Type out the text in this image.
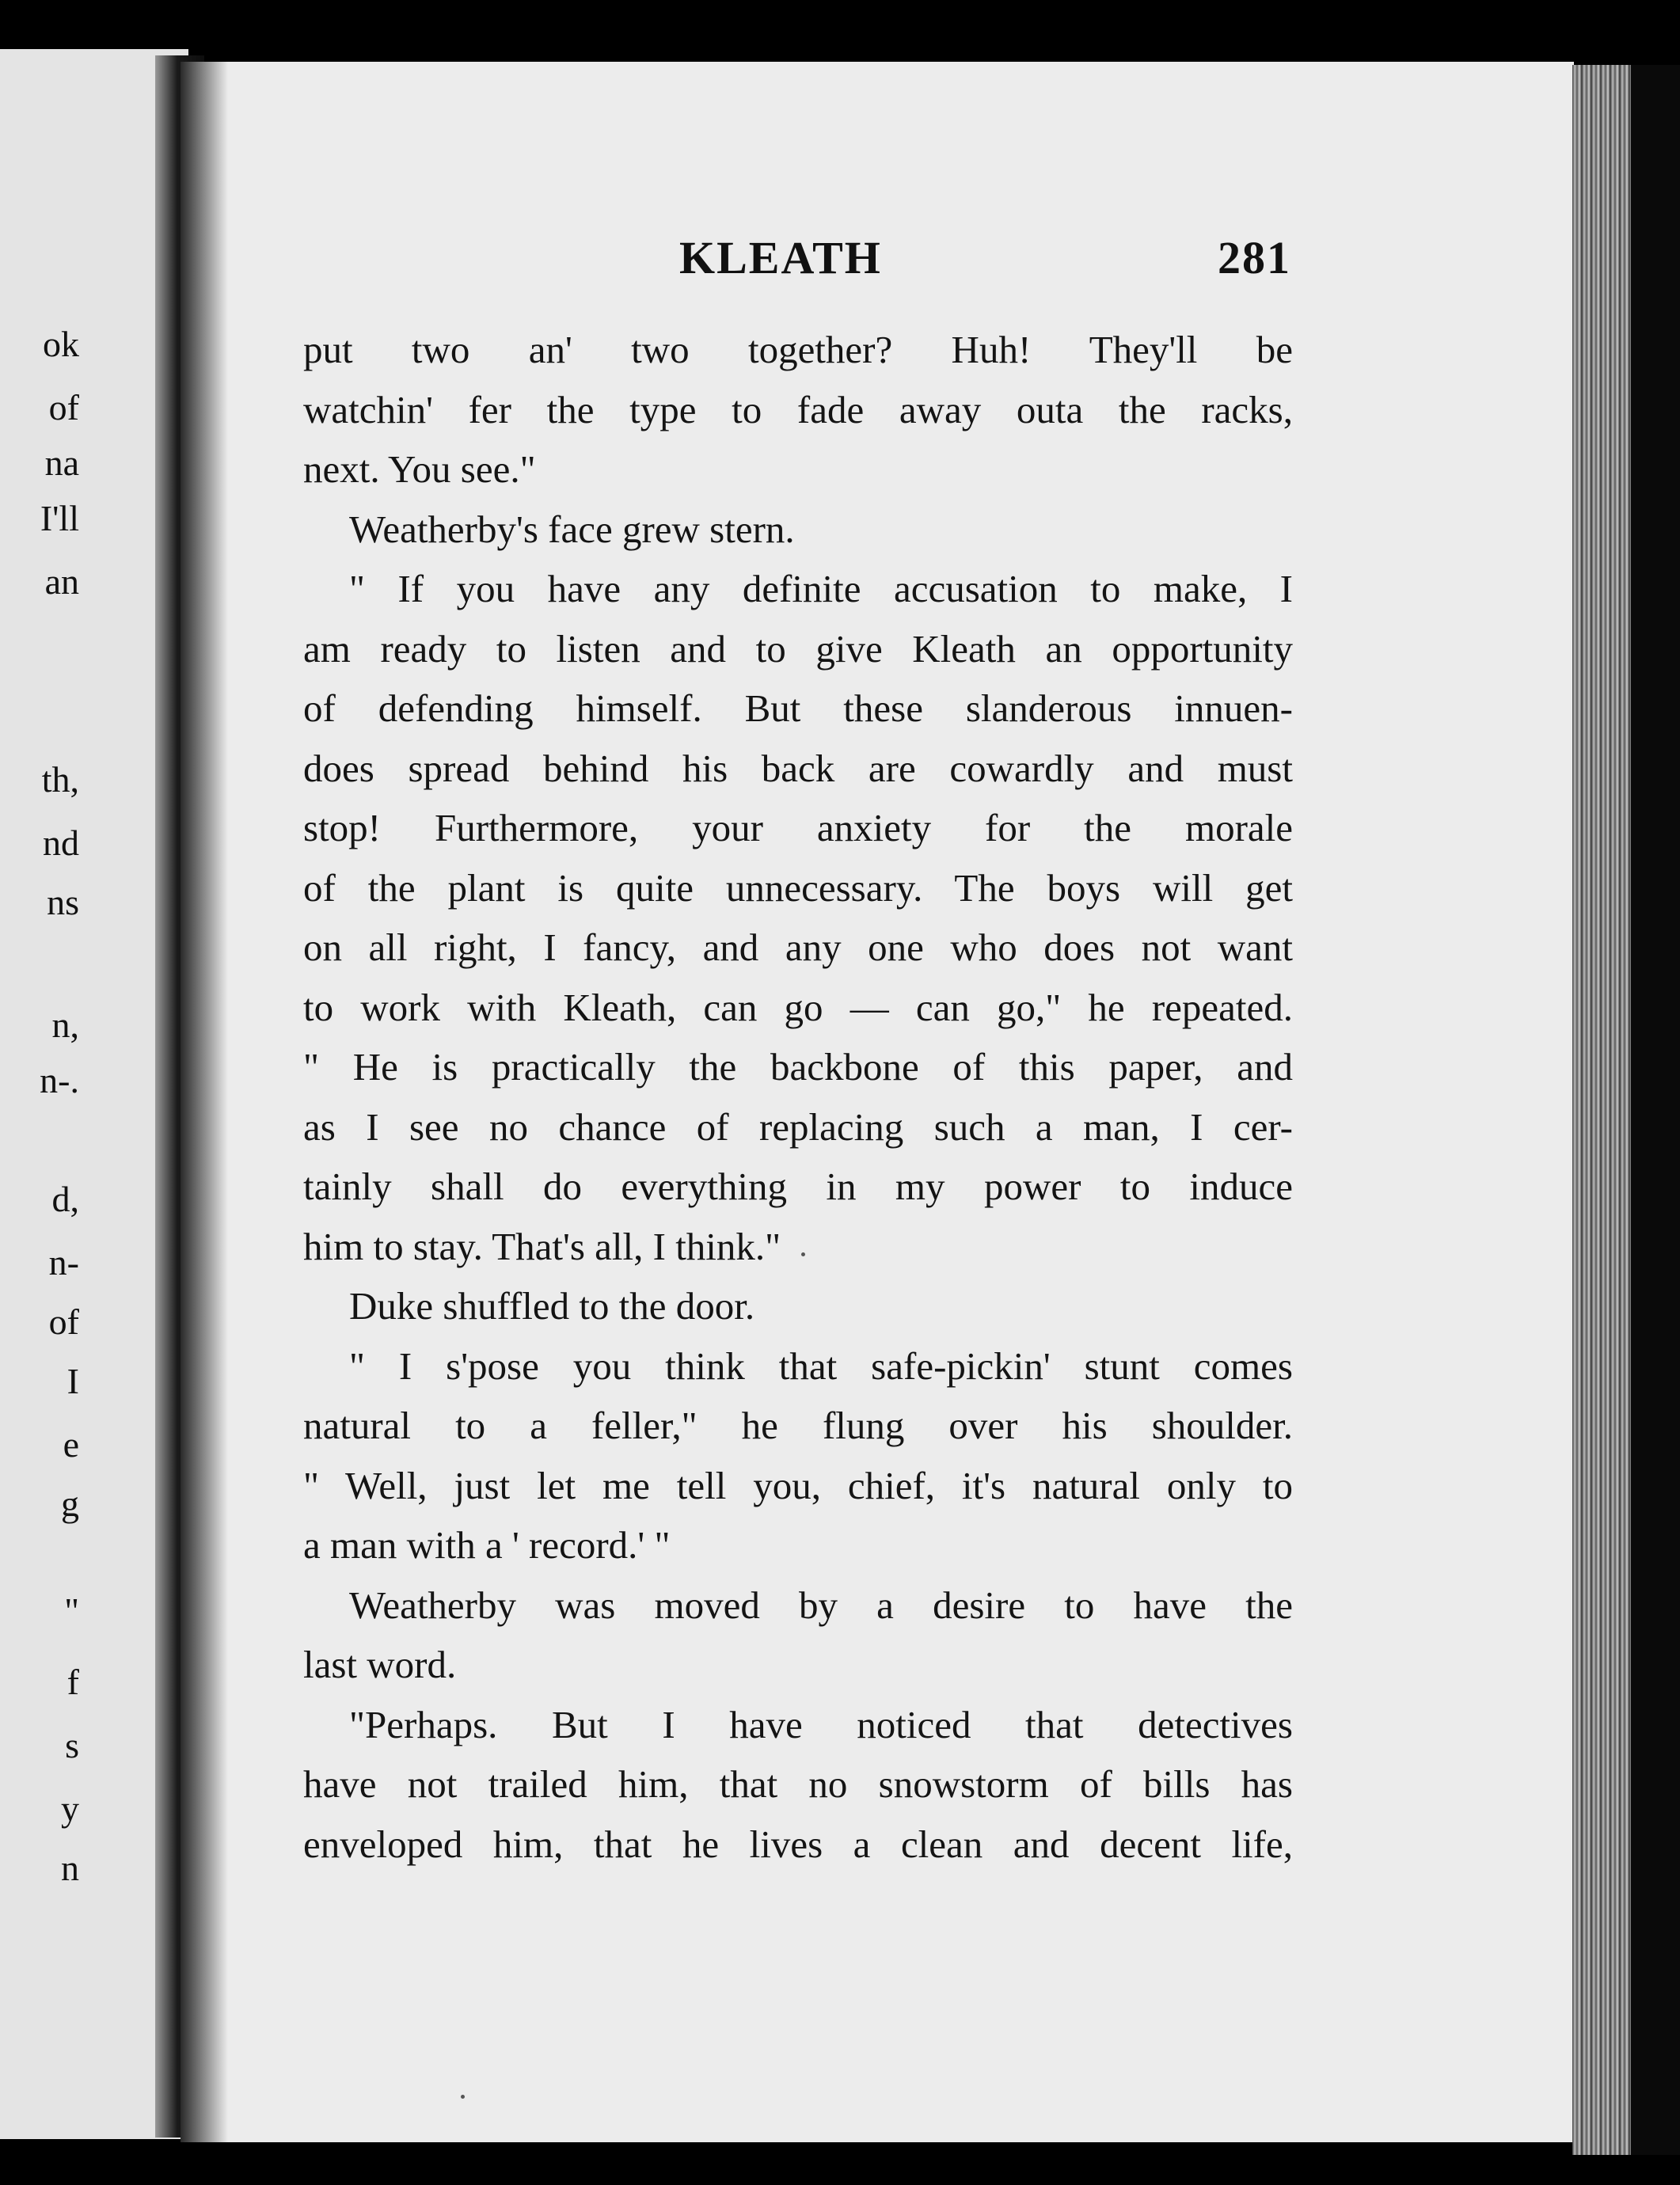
ok
of
na
I'll
an
th,
nd
ns
n,
n-.
d,
n-
of
I
e
g
"
f
s
y
n
KLEATH	281
put two an' two together? Huh! They'll be
watchin' fer the type to fade away outa the racks,
next. You see."
Weatherby's face grew stern.
" If you have any definite accusation to make, I
am ready to listen and to give Kleath an opportunity
of defending himself. But these slanderous innuen-
does spread behind his back are cowardly and must
stop! Furthermore, your anxiety for the morale
of the plant is quite unnecessary. The boys will get
on all right, I fancy, and any one who does not want
to work with Kleath, can go — can go," he repeated.
" He is practically the backbone of this paper, and
as I see no chance of replacing such a man, I cer-
tainly shall do everything in my power to induce
him to stay. That's all, I think."
Duke shuffled to the door.
" I s'pose you think that safe-pickin' stunt comes
natural to a feller," he flung over his shoulder.
" Well, just let me tell you, chief, it's natural only to
a man with a ' record.' "
Weatherby was moved by a desire to have the
last word.
"Perhaps. But I have noticed that detectives
have not trailed him, that no snowstorm of bills has
enveloped him, that he lives a clean and decent life,
